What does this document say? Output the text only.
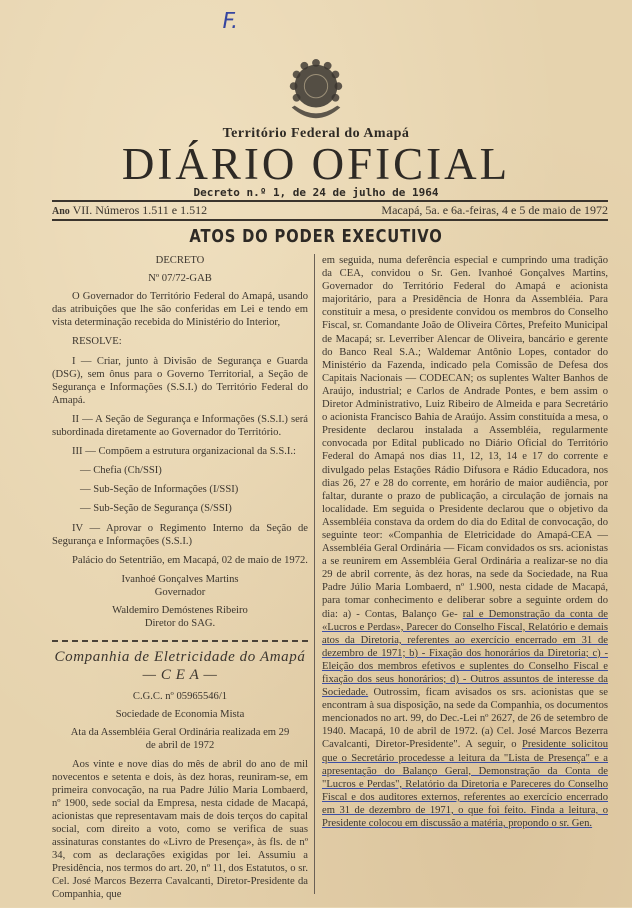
F.
Território Federal do Amapá
DIÁRIO OFICIAL
Decreto n.º 1, de 24 de julho de 1964
Ano VII. Números 1.511 e 1.512	Macapá, 5a. e 6a.-feiras, 4 e 5 de maio de 1972
ATOS DO PODER EXECUTIVO
DECRETO
Nº 07/72-GAB

O Governador do Território Federal do Amapá, usando das atribuições que lhe são conferidas em Lei e tendo em vista determinação recebida do Ministério do Interior,

RESOLVE:

I — Criar, junto à Divisão de Segurança e Guarda (DSG), sem ônus para o Governo Territorial, a Seção de Segurança e Informações (S.S.I.) do Território Federal do Amapá.

II — A Seção de Segurança e Informações (S.S.I.) será subordinada diretamente ao Governador do Território.

III — Compõem a estrutura organizacional da S.S.I.:

— Chefia (Ch/SSI)

— Sub-Seção de Informações (I/SSI)

— Sub-Seção de Segurança (S/SSI)

IV — Aprovar o Regimento Interno da Seção de Segurança e Informações (S.S.I.)

Palácio do Setentrião, em Macapá, 02 de maio de 1972.

Ivanhoé Gonçalves Martins
Governador
Waldemiro Demóstenes Ribeiro
Diretor do SAG.
Companhia de Eletricidade do Amapá
— C E A —
C.G.C. nº 05965546/1
Sociedade de Economia Mista
Ata da Assembléia Geral Ordinária realizada em 29 de abril de 1972

Aos vinte e nove dias do mês de abril do ano de mil novecentos e setenta e dois, às dez horas, reuniram-se, em primeira convocação, na rua Padre Júlio Maria Lombaerd, nº 1900, sede social da Empresa, nesta cidade de Macapá, acionistas que representavam mais de dois terços do capital social, com direito a voto, como se verifica de suas assinaturas constantes do «Livro de Presença», às fls. de nº 34, com as declarações exigidas por lei. Assumiu a Presidência, nos termos do art. 20, nº 11, dos Estatutos, o sr. Cel. José Marcos Bezerra Cavalcanti, Diretor-Presidente da Companhia, que

em seguida, numa deferência especial e cumprindo uma tradição da CEA, convidou o Sr. Gen. Ivanhoé Gonçalves Martins, Governador do Território Federal do Amapá e acionista majoritário, para a Presidência de Honra da Assembléia. Para constituir a mesa, o presidente convidou os membros do Conselho Fiscal, sr. Comandante João de Oliveira Côrtes, Prefeito Municipal de Macapá; sr. Leverriber Alencar de Oliveira, bancário e gerente do Banco Real S.A.; Waldemar Antônio Lopes, contador do Ministério da Fazenda, indicado pela Comissão de Defesa dos Capitais Nacionais — CODECAN; os suplentes Walter Banhos de Araújo, industrial; e Carlos de Andrade Pontes, e bem assim o Diretor Administrativo, Luiz Ribeiro de Almeida e para Secretário o acionista Francisco Bahia de Araújo. Assim constituída a mesa, o Presidente declarou instalada a Assembléia, regularmente convocada por Edital publicado no Diário Oficial do Território Federal do Amapá nos dias 11, 12, 13, 14 e 17 do corrente e divulgado pelas Estações Rádio Difusora e Rádio Educadora, nos dias 26, 27 e 28 do corrente, em horário de maior audiência, por faltar, durante o prazo de publicação, a circulação de jornais na localidade. Em seguida o Presidente declarou que o objetivo da Assembléia constava da ordem do dia do Edital de convocação, do seguinte teor: «Companhia de Eletricidade do Amapá-CEA — Assembléia Geral Ordinária — Ficam convidados os srs. acionistas a se reunirem em Assembléia Geral Ordinária a realizar-se no dia 29 de abril corrente, às dez horas, na sede da Sociedade, na Rua Padre Júlio Maria Lombaerd, nº 1.900, nesta cidade de Macapá, para tomar conhecimento e deliberar sobre a seguinte ordem do dia: a) - Contas, Balanço Ge- ral e Demonstração da conta de «Lucros e Perdas», Parecer do Conselho Fiscal, Relatório e demais atos da Diretoria, referentes ao exercício encerrado em 31 de dezembro de 1971; b) - Fixação dos honorários da Diretoria; c) - Eleição dos membros efetivos e suplentes do Conselho Fiscal e fixação dos seus honorários; d) - Outros assuntos de interesse da Sociedade. Outrossim, ficam avisados os srs. acionistas que se encontram à sua disposição, na sede da Companhia, os documentos mencionados no art. 99, do Dec.-Lei nº 2627, de 26 de setembro de 1940. Macapá, 10 de abril de 1972. (a) Cel. José Marcos Bezerra Cavalcanti, Diretor-Presidente". A seguir, o Presidente solicitou que o Secretário procedesse a leitura da "Lista de Presença" e a apresentação do Balanço Geral, Demonstração da Conta de "Lucros e Perdas", Relatório da Diretoria e Pareceres do Conselho Fiscal e dos auditores externos, referentes ao exercício encerrado em 31 de dezembro de 1971, o que foi feito. Finda a leitura, o Presidente colocou em discussão a matéria, propondo o sr. Gen.
